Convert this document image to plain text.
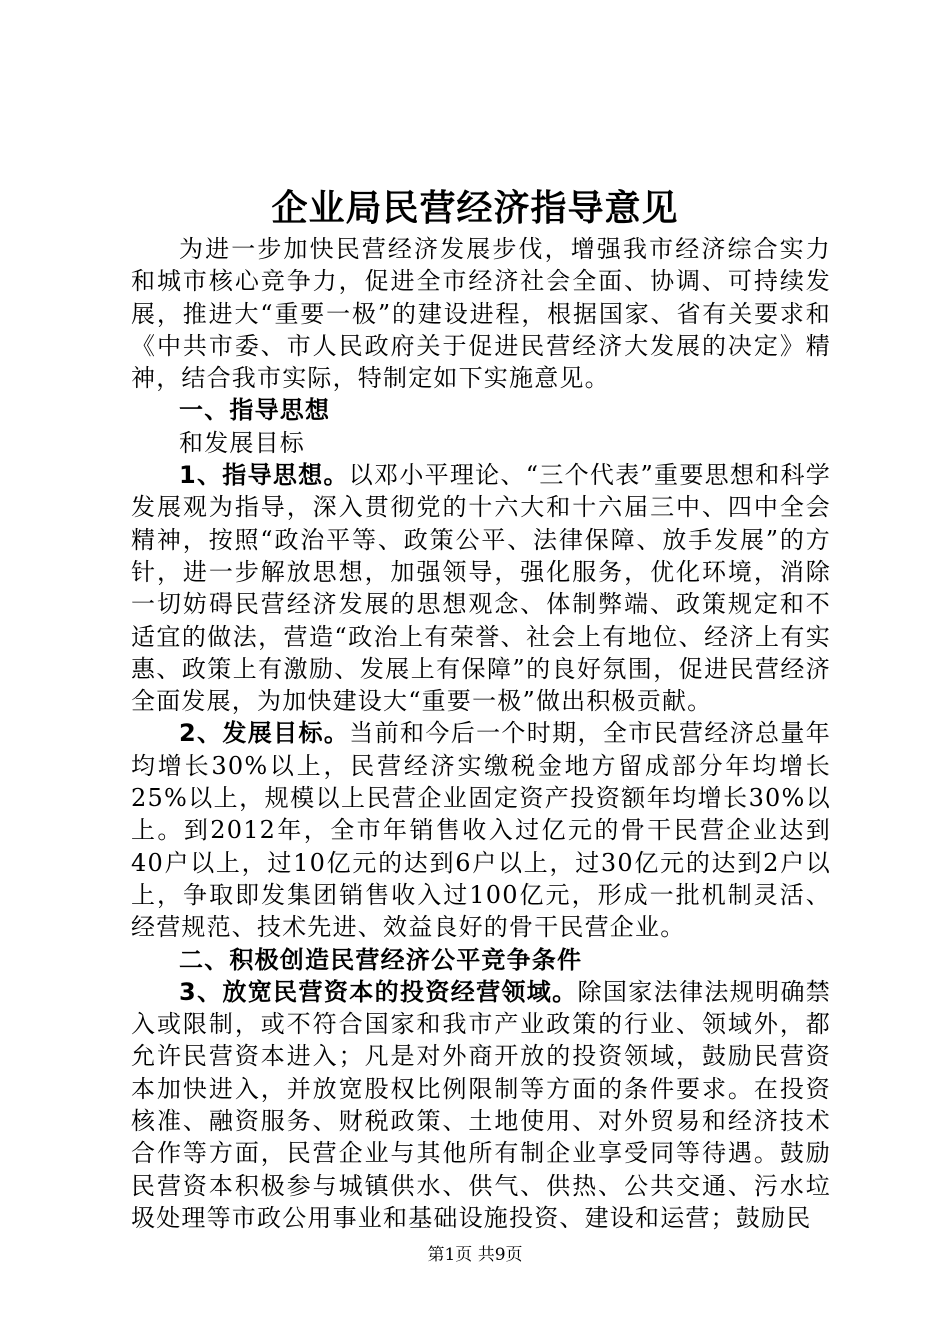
企业局民营经济指导意见

为进一步加快民营经济发展步伐，增强我市经济综合实力和城市核心竞争力，促进全市经济社会全面、协调、可持续发展，推进大“重要一极”的建设进程，根据国家、省有关要求和《中共市委、市人民政府关于促进民营经济大发展的决定》精神，结合我市实际，特制定如下实施意见。

一、指导思想

和发展目标

1、指导思想。以邓小平理论、“三个代表”重要思想和科学发展观为指导，深入贯彻党的十六大和十六届三中、四中全会精神，按照“政治平等、政策公平、法律保障、放手发展”的方针，进一步解放思想，加强领导，强化服务，优化环境，消除一切妨碍民营经济发展的思想观念、体制弊端、政策规定和不适宜的做法，营造“政治上有荣誉、社会上有地位、经济上有实惠、政策上有激励、发展上有保障”的良好氛围，促进民营经济全面发展，为加快建设大“重要一极”做出积极贡献。

2、发展目标。当前和今后一个时期，全市民营经济总量年均增长30%以上，民营经济实缴税金地方留成部分年均增长25%以上，规模以上民营企业固定资产投资额年均增长30%以上。到2012年，全市年销售收入过亿元的骨干民营企业达到40户以上，过10亿元的达到6户以上，过30亿元的达到2户以上，争取即发集团销售收入过100亿元，形成一批机制灵活、经营规范、技术先进、效益良好的骨干民营企业。

二、积极创造民营经济公平竞争条件

3、放宽民营资本的投资经营领域。除国家法律法规明确禁入或限制，或不符合国家和我市产业政策的行业、领域外，都允许民营资本进入；凡是对外商开放的投资领域，鼓励民营资本加快进入，并放宽股权比例限制等方面的条件要求。在投资核准、融资服务、财税政策、土地使用、对外贸易和经济技术合作等方面，民营企业与其他所有制企业享受同等待遇。鼓励民营资本积极参与城镇供水、供气、供热、公共交通、污水垃圾处理等市政公用事业和基础设施投资、建设和运营；鼓励民

第1页 共9页
